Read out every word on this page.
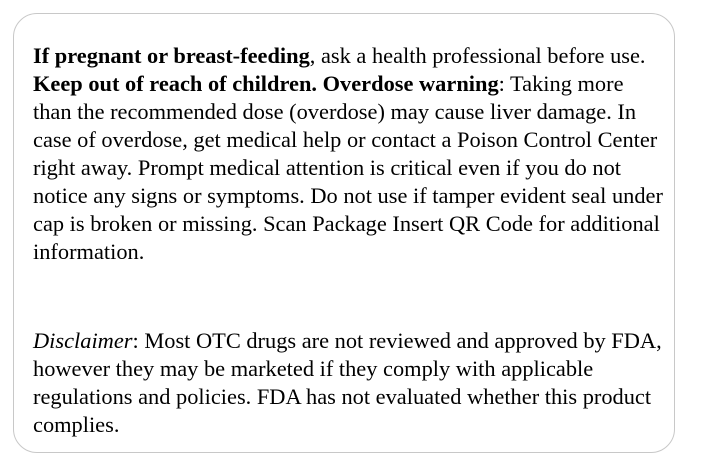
If pregnant or breast-feeding, ask a health professional before use. Keep out of reach of children. Overdose warning: Taking more than the recommended dose (overdose) may cause liver damage. In case of overdose, get medical help or contact a Poison Control Center right away. Prompt medical attention is critical even if you do not notice any signs or symptoms. Do not use if tamper evident seal under cap is broken or missing. Scan Package Insert QR Code for additional information.

Disclaimer: Most OTC drugs are not reviewed and approved by FDA, however they may be marketed if they comply with applicable regulations and policies. FDA has not evaluated whether this product complies.
